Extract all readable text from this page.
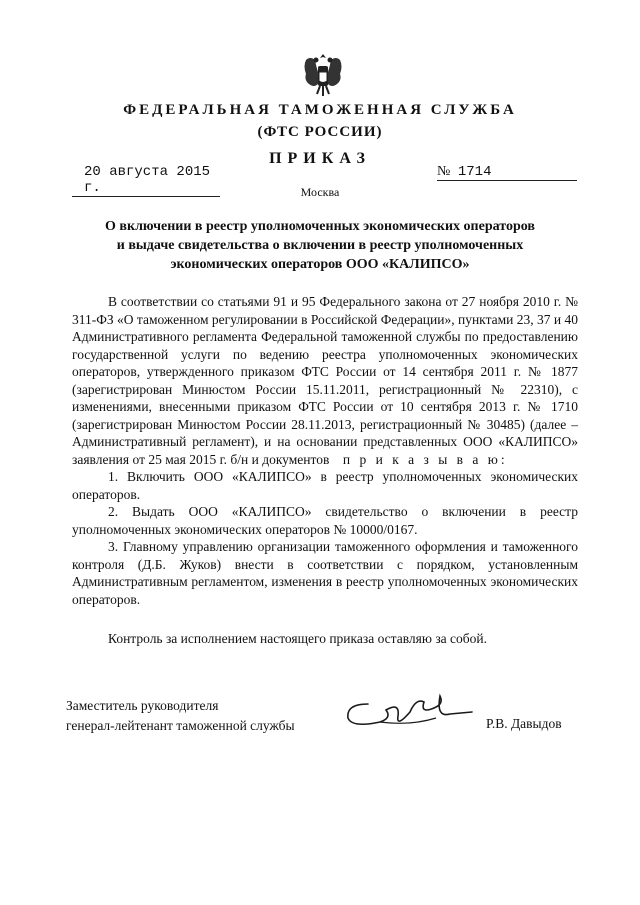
ФЕДЕРАЛЬНАЯ ТАМОЖЕННАЯ СЛУЖБА
(ФТС РОССИИ)
ПРИКАЗ
20 августа 2015 г.
№ 1714
Москва
О включении в реестр уполномоченных экономических операторов
и выдаче свидетельства о включении в реестр уполномоченных
экономических операторов ООО «КАЛИПСО»

В соответствии со статьями 91 и 95 Федерального закона от 27 ноября 2010 г. № 311-ФЗ «О таможенном регулировании в Российской Федерации», пунктами 23, 37 и 40 Административного регламента Федеральной таможенной службы по предоставлению государственной услуги по ведению реестра уполномоченных экономических операторов, утвержденного приказом ФТС России от 14 сентября 2011 г. № 1877 (зарегистрирован Минюстом России 15.11.2011, регистрационный № 22310), с изменениями, внесенными приказом ФТС России от 10 сентября 2013 г. № 1710 (зарегистрирован Минюстом России 28.11.2013, регистрационный № 30485) (далее – Административный регламент), и на основании представленных ООО «КАЛИПСО» заявления от 25 мая 2015 г. б/н и документов п р и к а з ы в а ю:

1. Включить ООО «КАЛИПСО» в реестр уполномоченных экономических операторов.

2. Выдать ООО «КАЛИПСО» свидетельство о включении в реестр уполномоченных экономических операторов № 10000/0167.

3. Главному управлению организации таможенного оформления и таможенного контроля (Д.Б. Жуков) внести в соответствии с порядком, установленным Административным регламентом, изменения в реестр уполномоченных экономических операторов.

Контроль за исполнением настоящего приказа оставляю за собой.
Заместитель руководителя
генерал-лейтенант таможенной службы	Р.В. Давыдов
